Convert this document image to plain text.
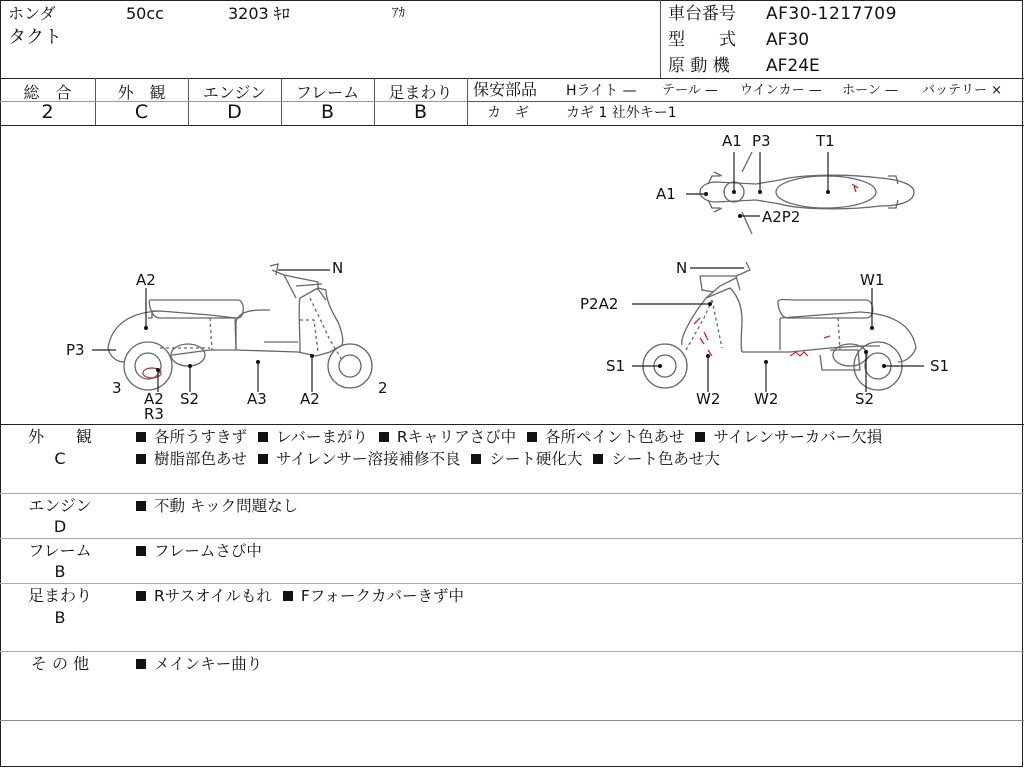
ホンダ	50cc	3203 ｷﾛ	ｱｶ
タクト
車台番号 AF30-1217709
型　　式 AF30
原 動 機 AF24E
総　合
2
外　観
C
エンジン
D
フレーム
B
足まわり
B
保安部品 Hライト — テール — ウインカー — ホーン — バッテリー ×
カ　ギ	カギ 1 社外キー1
A1
A1 P3	T1
A2P2
A2
N
P3
3
A2
R3
S2	A3 A2
2
N
W1
P2A2
S1	S1
W2 W2	S2
外　　観
C
各所うすきず レバーまがり Rキャリアさび中 各所ペイント色あせ サイレンサーカバー欠損
樹脂部色あせ サイレンサー溶接補修不良 シート硬化大 シート色あせ大
エンジン
D
不動 キック問題なし
フレーム
B
フレームさび中
足まわり
B
Rサスオイルもれ Fフォークカバーきず中
そ の 他	メインキー曲り
